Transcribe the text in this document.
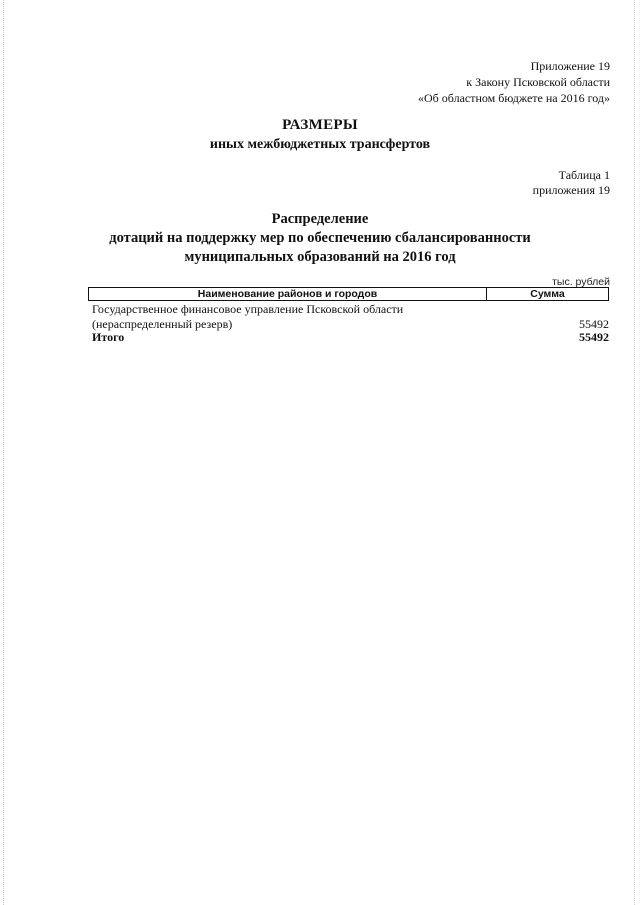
Приложение 19
к Закону Псковской области
«Об областном бюджете на 2016 год»
РАЗМЕРЫ
иных межбюджетных трансфертов
Таблица 1
приложения 19
Распределение
дотаций на поддержку мер по обеспечению сбалансированности
муниципальных образований на 2016 год
тыс. рублей
Наименование районов и городов	Сумма
Государственное финансовое управление Псковской области
(нераспределенный резерв)	55492
Итого	55492
